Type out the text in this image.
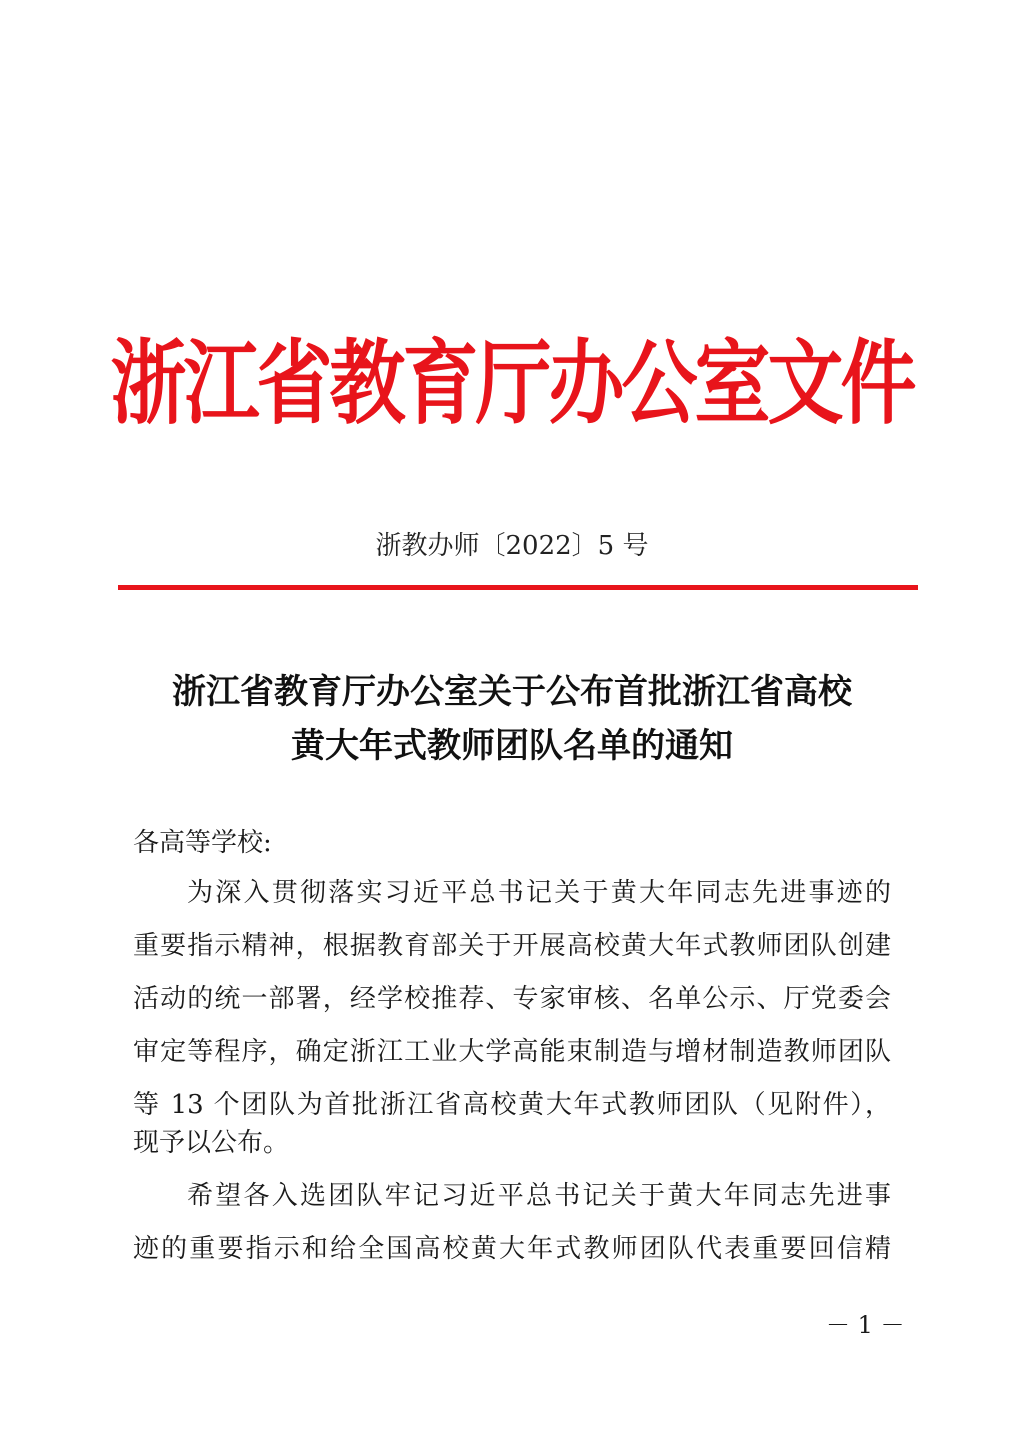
浙江省教育厅办公室文件
浙教办师〔2022〕5 号
浙江省教育厅办公室关于公布首批浙江省高校
黄大年式教师团队名单的通知
各高等学校:
为深入贯彻落实习近平总书记关于黄大年同志先进事迹的
重要指示精神，根据教育部关于开展高校黄大年式教师团队创建
活动的统一部署，经学校推荐、专家审核、名单公示、厅党委会
审定等程序，确定浙江工业大学高能束制造与增材制造教师团队
等 13 个团队为首批浙江省高校黄大年式教师团队（见附件），
现予以公布。
希望各入选团队牢记习近平总书记关于黄大年同志先进事
迹的重要指示和给全国高校黄大年式教师团队代表重要回信精
－ 1 －
